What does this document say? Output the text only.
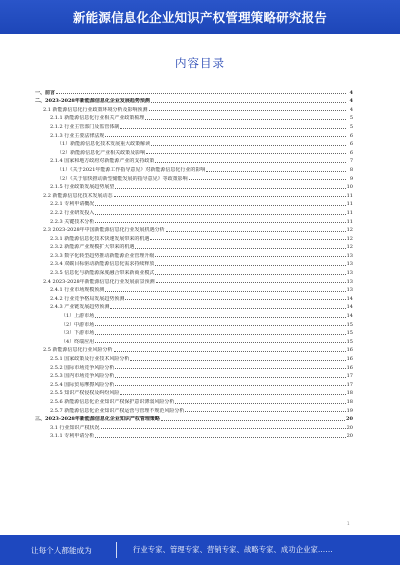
新能源信息化企业知识产权管理策略研究报告
内容目录
一、前言	4
二、2023-2028年新能源信息化企业发展趋势预测	4
2.1 新能源信息化行业政策环境分析及影响预测	4
2.1.1 新能源信息化行业相关产业政策梳理	5
2.1.2 行业主管部门及监管体制	5
2.1.3 行业主要法律法规	6
（1）新能源信息化技术发展重大政策解读	6
（2）新能源信息化产业相关政策及影响	6
2.1.4 国家和地方政府对新能源产业的支持政策	7
（1）《关于2021年能源工作指导意见》对新能源信息化行业的影响	8
（2）《关于加快推动新型储能发展的指导意见》等政策影响	9
2.1.5 行业政策发展趋势展望	10
2.2 新能源信息化技术发展动态	11
2.2.1 专利申请概况	11
2.2.2 行业研发投入	11
2.2.3 关键技术分析	11
2.3 2023-2028年中国新能源信息化行业发展机遇分析	12
2.3.1 新能源信息化技术快速发展带来的机遇	12
2.3.2 新能源产业规模扩大带来的机遇	12
2.3.3 数字化转型趋势推动新能源企业管理升级	13
2.3.4 双碳目标驱动新能源信息化需求持续释放	13
2.3.5 信息化与新能源深度融合带来新商业模式	13
2.4 2023-2028年新能源信息化行业发展前景预测	13
2.4.1 行业市场规模预测	13
2.4.2 行业竞争格局发展趋势预测	14
2.4.3 产业链发展趋势预测	14
（1）上游市场	14
（2）中游市场	15
（3）下游市场	15
（4）终端应用	15
2.5 新能源信息化行业风险分析	16
2.5.1 国家政策及行业技术风险分析	16
2.5.2 国际市场竞争风险分析	16
2.5.3 国内市场竞争风险分析	17
2.5.4 国际贸易摩擦风险分析	17
2.5.5 知识产权侵权及纠纷风险	18
2.5.6 新能源信息化企业知识产权保护意识薄弱风险分析	18
2.5.7 新能源信息化企业知识产权运营与管理不规范风险分析	19
三、2023-2028年新能源信息化企业知识产权管理策略	20
3.1 行业知识产权状况	20
3.1.1 专利申请分析	20
1
让每个人都能成为	行业专家、管理专家、营销专家、战略专家、成功企业家……
